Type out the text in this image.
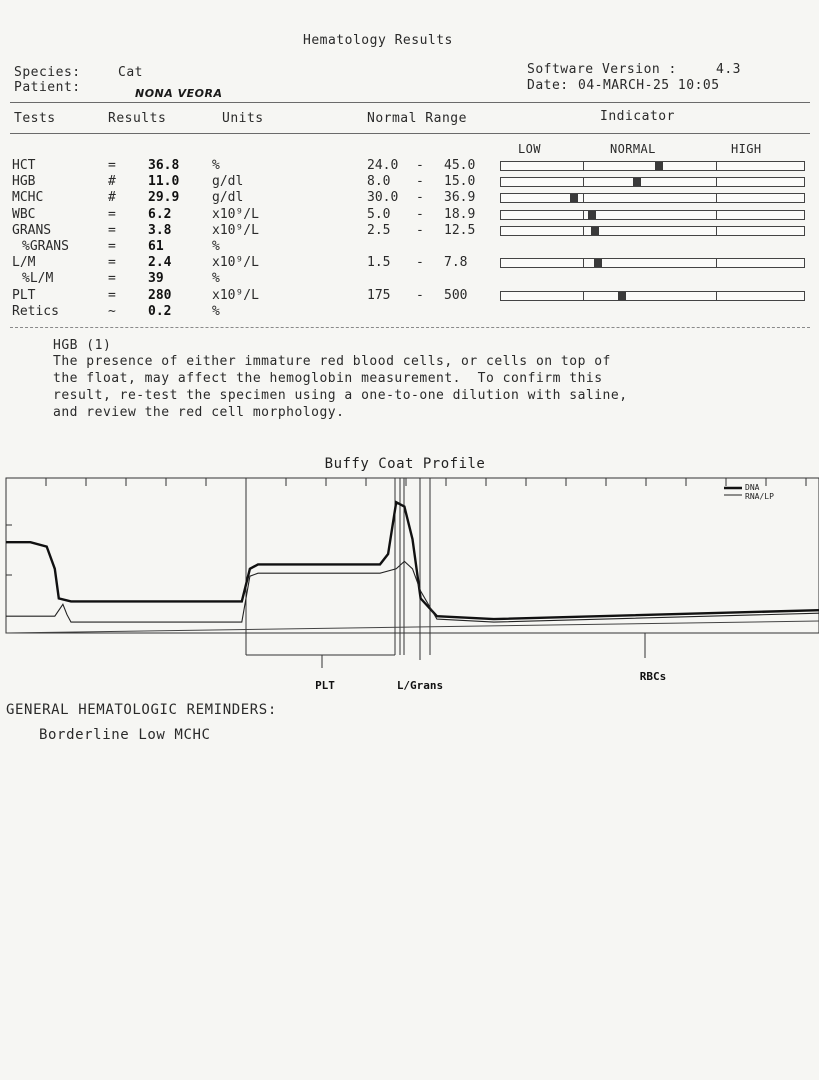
Hematology Results
Species:	Cat
Patient:	NONA VEORA
Software Version :	4.3
Date: 04-MARCH-25 10:05
Tests	Results	Units	Normal Range	Indicator
LOW	NORMAL	HIGH
HCT	= 36.8	%	24.0	45.0
-
HGB	# 11.0	g/dl	8.0	15.0
-
MCHC	# 29.9	g/dl	30.0	36.9
-
WBC	= 6.2	x10⁹/L	5.0	18.9
-
GRANS	= 3.8	x10⁹/L	2.5	12.5
-
%GRANS	= 61	%
L/M	= 2.4	x10⁹/L	1.5	7.8
-
%L/M	= 39	%
PLT	= 280	x10⁹/L	175	500
-
Retics	~ 0.2	%
HGB (1)
The presence of either immature red blood cells, or cells on top of
the float, may affect the hemoglobin measurement.  To confirm this
result, re-test the specimen using a one-to-one dilution with saline,
and review the red cell morphology.
Buffy Coat Profile
DNA
RNA/LP
PLT	L/Grans
RBCs
GENERAL HEMATOLOGIC REMINDERS:
Borderline Low MCHC
